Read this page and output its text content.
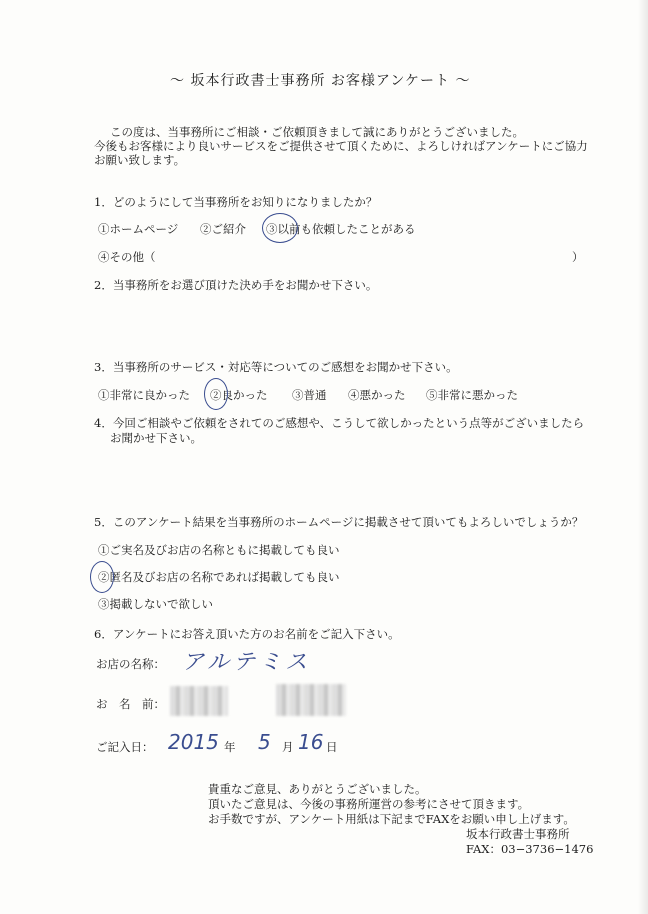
〜 坂本行政書士事務所 お客様アンケート 〜
この度は、当事務所にご相談・ご依頼頂きまして誠にありがとうございました。
今後もお客様により良いサービスをご提供させて頂くために、よろしければアンケートにご協力
お願い致します。
1．どのようにして当事務所をお知りになりましたか？
①ホームページ ②ご紹介 ③以前も依頼したことがある
④その他（	）
2．当事務所をお選び頂けた決め手をお聞かせ下さい。
3．当事務所のサービス・対応等についてのご感想をお聞かせ下さい。
①非常に良かった ②良かった ③普通 ④悪かった ⑤非常に悪かった
4．今回ご相談やご依頼をされてのご感想や、こうして欲しかったという点等がございましたら
お聞かせ下さい。
5．このアンケート結果を当事務所のホームページに掲載させて頂いてもよろしいでしょうか？
①ご実名及びお店の名称ともに掲載しても良い
②匿名及びお店の名称であれば掲載しても良い
③掲載しないで欲しい
6．アンケートにお答え頂いた方のお名前をご記入下さい。
お店の名称： アルテミス
お　名　前：
ご記入日： 2015 年 5 月 16 日
貴重なご意見、ありがとうございました。
頂いたご意見は、今後の事務所運営の参考にさせて頂きます。
お手数ですが、アンケート用紙は下記までFAXをお願い申し上げます。
坂本行政書士事務所
FAX：03−3736−1476
